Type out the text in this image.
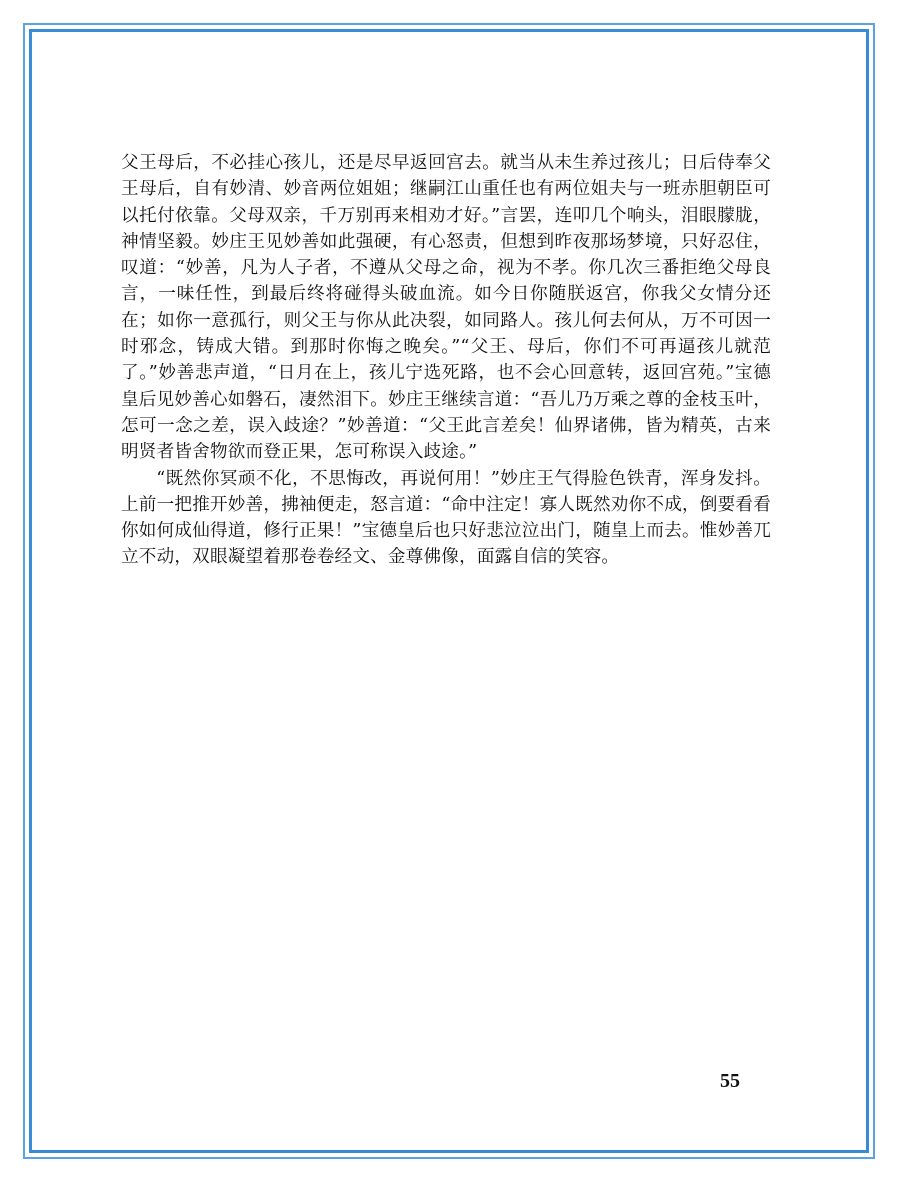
父王母后，不必挂心孩儿，还是尽早返回宫去。就当从未生养过孩儿；日后侍奉父王母后，自有妙清、妙音两位姐姐；继嗣江山重任也有两位姐夫与一班赤胆朝臣可以托付依靠。父母双亲，千万别再来相劝才好。”言罢，连叩几个响头，泪眼朦胧，神情坚毅。妙庄王见妙善如此强硬，有心怒责，但想到昨夜那场梦境，只好忍住，叹道：“妙善，凡为人子者，不遵从父母之命，视为不孝。你几次三番拒绝父母良言，一味任性，到最后终将碰得头破血流。如今日你随朕返宫，你我父女情分还在；如你一意孤行，则父王与你从此决裂，如同路人。孩儿何去何从，万不可因一时邪念，铸成大错。到那时你悔之晚矣。”“父王、母后，你们不可再逼孩儿就范了。”妙善悲声道，“日月在上，孩儿宁选死路，也不会心回意转，返回宫苑。”宝德皇后见妙善心如磐石，凄然泪下。妙庄王继续言道：“吾儿乃万乘之尊的金枝玉叶，怎可一念之差，误入歧途？”妙善道：“父王此言差矣！仙界诸佛，皆为精英，古来明贤者皆舍物欲而登正果，怎可称误入歧途。”

“既然你冥顽不化，不思悔改，再说何用！”妙庄王气得脸色铁青，浑身发抖。上前一把推开妙善，拂袖便走，怒言道：“命中注定！寡人既然劝你不成，倒要看看你如何成仙得道，修行正果！”宝德皇后也只好悲泣泣出门，随皇上而去。惟妙善兀立不动，双眼凝望着那卷卷经文、金尊佛像，面露自信的笑容。

55
